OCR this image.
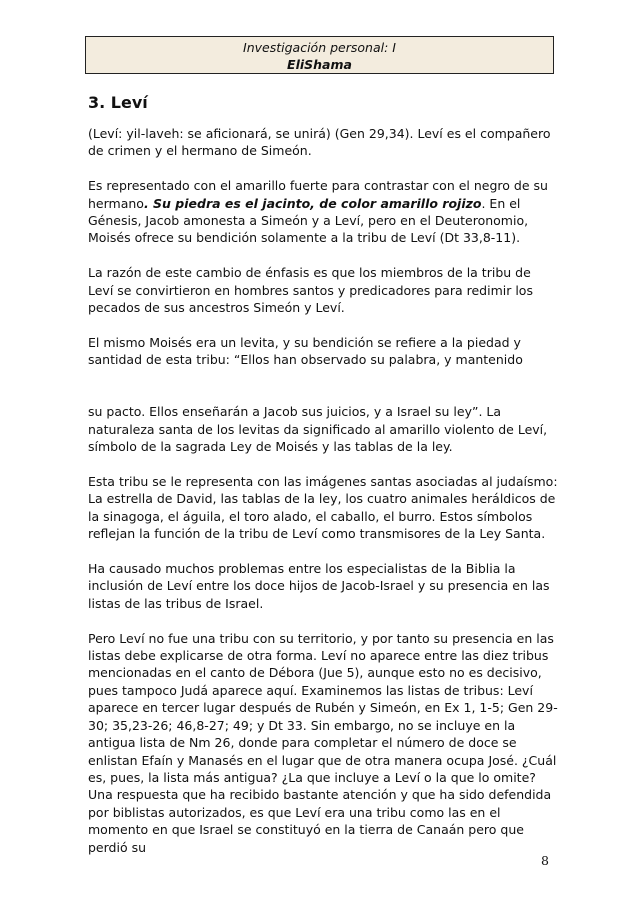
Investigación personal: I
EliShama
3. Leví

(Leví: yil-laveh: se aficionará, se unirá) (Gen 29,34). Leví es el compañero de crimen y el hermano de Simeón.

Es representado con el amarillo fuerte para contrastar con el negro de su hermano. Su piedra es el jacinto, de color amarillo rojizo. En el Génesis, Jacob amonesta a Simeón y a Leví, pero en el Deuteronomio, Moisés ofrece su bendición solamente a la tribu de Leví (Dt 33,8-11).

La razón de este cambio de énfasis es que los miembros de la tribu de Leví se convirtieron en hombres santos y predicadores para redimir los pecados de sus ancestros Simeón y Leví.

El mismo Moisés era un levita, y su bendición se refiere a la piedad y santidad de esta tribu: “Ellos han observado su palabra, y mantenido

su pacto. Ellos enseñarán a Jacob sus juicios, y a Israel su ley”. La naturaleza santa de los levitas da significado al amarillo violento de Leví, símbolo de la sagrada Ley de Moisés y las tablas de la ley.

Esta tribu se le representa con las imágenes santas asociadas al judaísmo: La estrella de David, las tablas de la ley, los cuatro animales heráldicos de la sinagoga, el águila, el toro alado, el caballo, el burro. Estos símbolos reflejan la función de la tribu de Leví como transmisores de la Ley Santa.

Ha causado muchos problemas entre los especialistas de la Biblia la inclusión de Leví entre los doce hijos de Jacob-Israel y su presencia en las listas de las tribus de Israel.

Pero Leví no fue una tribu con su territorio, y por tanto su presencia en las listas debe explicarse de otra forma. Leví no aparece entre las diez tribus mencionadas en el canto de Débora (Jue 5), aunque esto no es decisivo, pues tampoco Judá aparece aquí. Examinemos las listas de tribus: Leví aparece en tercer lugar después de Rubén y Simeón, en Ex 1, 1-5; Gen 29-30; 35,23-26; 46,8-27; 49; y Dt 33. Sin embargo, no se incluye en la antigua lista de Nm 26, donde para completar el número de doce se enlistan Efaín y Manasés en el lugar que de otra manera ocupa José. ¿Cuál es, pues, la lista más antigua? ¿La que incluye a Leví o la que lo omite? Una respuesta que ha recibido bastante atención y que ha sido defendida por biblistas autorizados, es que Leví era una tribu como las en el momento en que Israel se constituyó en la tierra de Canaán pero que perdió su

8
